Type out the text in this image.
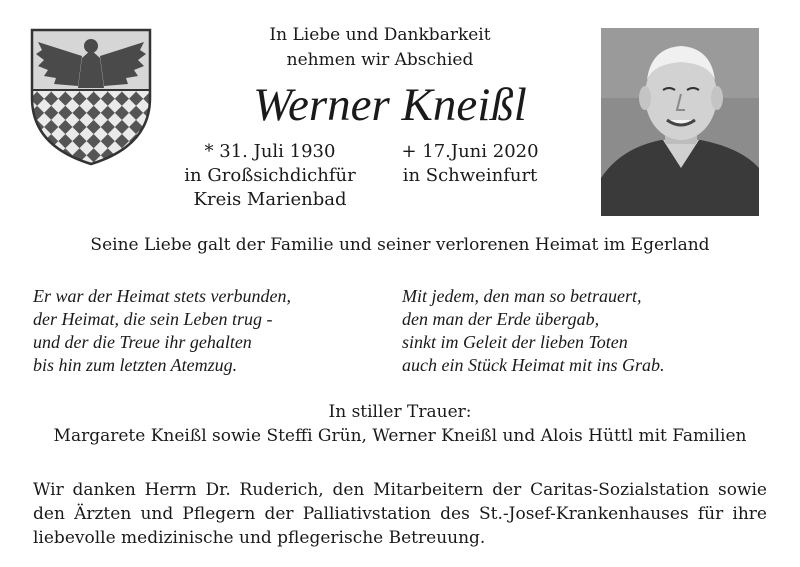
In Liebe und Dankbarkeit
nehmen wir Abschied
Werner Kneißl
* 31. Juli 1930
in Großsichdichfür
Kreis Marienbad
+ 17.Juni 2020
in Schweinfurt
Seine Liebe galt der Familie und seiner verlorenen Heimat im Egerland
Er war der Heimat stets verbunden,
der Heimat, die sein Leben trug -
und der die Treue ihr gehalten
bis hin zum letzten Atemzug.
Mit jedem, den man so betrauert,
den man der Erde übergab,
sinkt im Geleit der lieben Toten
auch ein Stück Heimat mit ins Grab.
In stiller Trauer:
Margarete Kneißl sowie Steffi Grün, Werner Kneißl und Alois Hüttl mit Familien
Wir danken Herrn Dr. Ruderich, den Mitarbeitern der Caritas-Sozialstation sowie den Ärzten und Pflegern der Palliativstation des St.-Josef-Krankenhauses für ihre liebevolle medizinische und pflegerische Betreuung.
